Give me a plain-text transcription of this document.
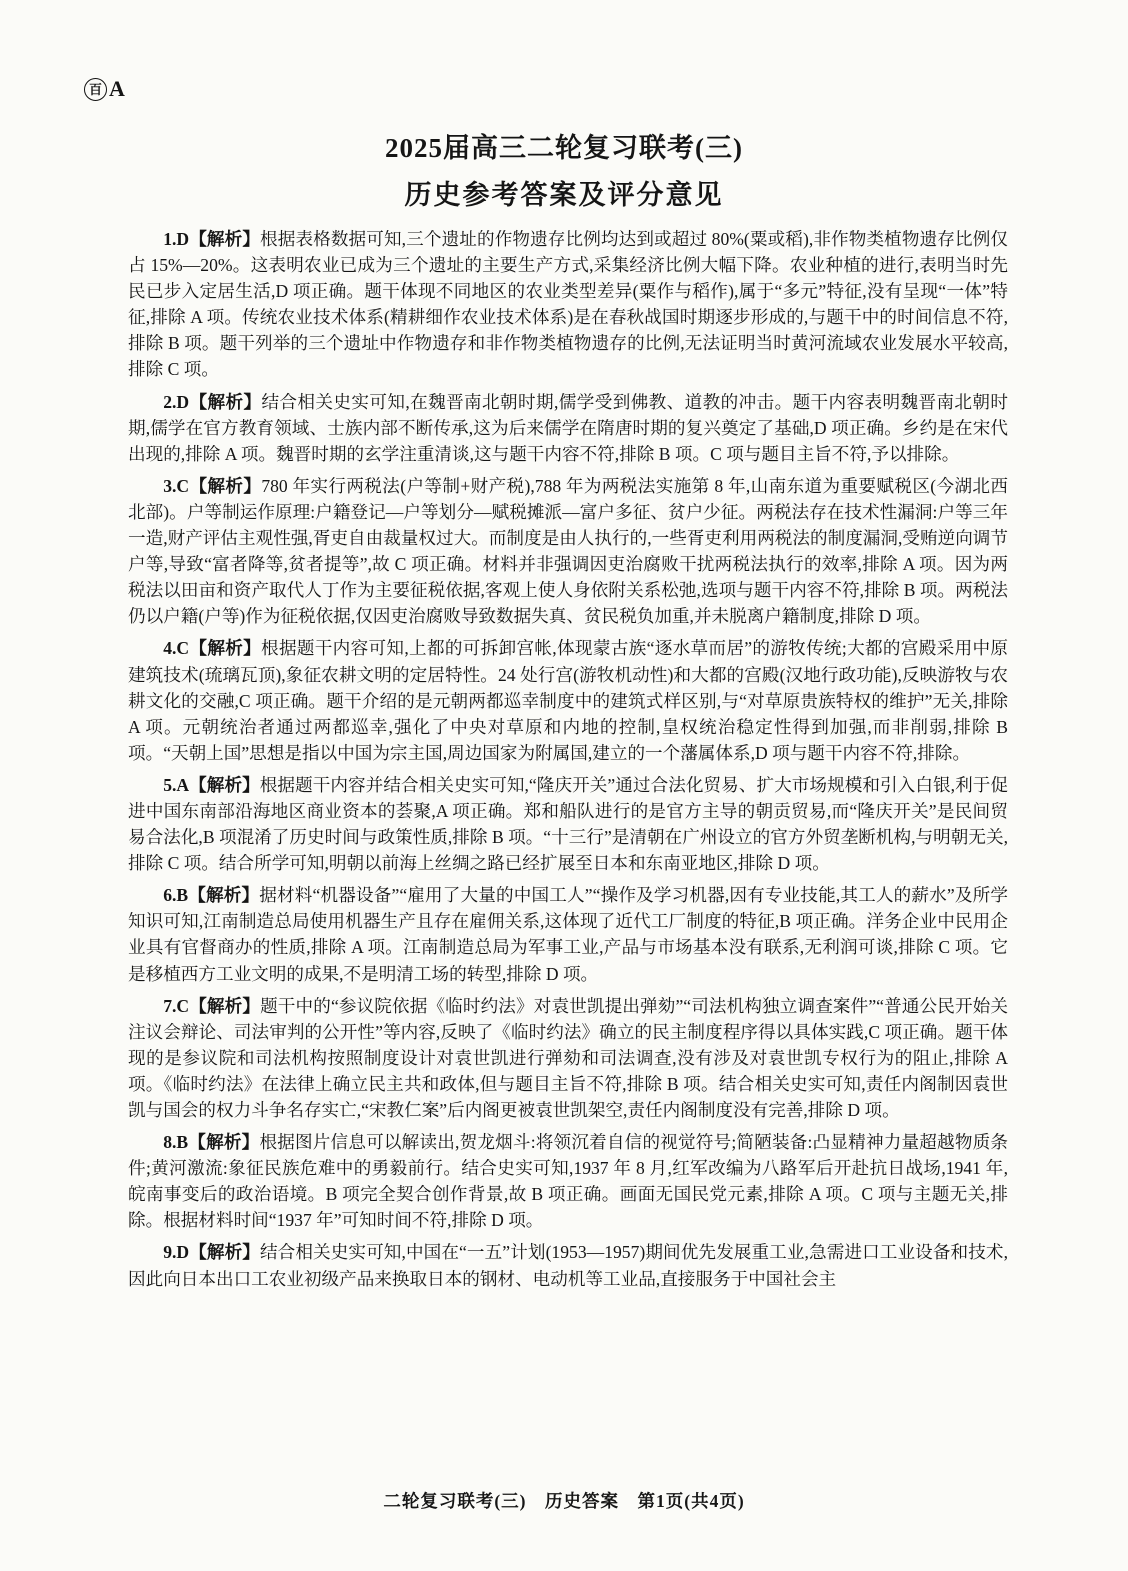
百 A
2025届高三二轮复习联考(三)
历史参考答案及评分意见

1.D【解析】根据表格数据可知,三个遗址的作物遗存比例均达到或超过 80%(粟或稻),非作物类植物遗存比例仅占 15%—20%。这表明农业已成为三个遗址的主要生产方式,采集经济比例大幅下降。农业种植的进行,表明当时先民已步入定居生活,D 项正确。题干体现不同地区的农业类型差异(粟作与稻作),属于“多元”特征,没有呈现“一体”特征,排除 A 项。传统农业技术体系(精耕细作农业技术体系)是在春秋战国时期逐步形成的,与题干中的时间信息不符,排除 B 项。题干列举的三个遗址中作物遗存和非作物类植物遗存的比例,无法证明当时黄河流域农业发展水平较高,排除 C 项。

2.D【解析】结合相关史实可知,在魏晋南北朝时期,儒学受到佛教、道教的冲击。题干内容表明魏晋南北朝时期,儒学在官方教育领域、士族内部不断传承,这为后来儒学在隋唐时期的复兴奠定了基础,D 项正确。乡约是在宋代出现的,排除 A 项。魏晋时期的玄学注重清谈,这与题干内容不符,排除 B 项。C 项与题目主旨不符,予以排除。

3.C【解析】780 年实行两税法(户等制+财产税),788 年为两税法实施第 8 年,山南东道为重要赋税区(今湖北西北部)。户等制运作原理:户籍登记—户等划分—赋税摊派—富户多征、贫户少征。两税法存在技术性漏洞:户等三年一造,财产评估主观性强,胥吏自由裁量权过大。而制度是由人执行的,一些胥吏利用两税法的制度漏洞,受贿逆向调节户等,导致“富者降等,贫者提等”,故 C 项正确。材料并非强调因吏治腐败干扰两税法执行的效率,排除 A 项。因为两税法以田亩和资产取代人丁作为主要征税依据,客观上使人身依附关系松弛,选项与题干内容不符,排除 B 项。两税法仍以户籍(户等)作为征税依据,仅因吏治腐败导致数据失真、贫民税负加重,并未脱离户籍制度,排除 D 项。

4.C【解析】根据题干内容可知,上都的可拆卸宫帐,体现蒙古族“逐水草而居”的游牧传统;大都的宫殿采用中原建筑技术(琉璃瓦顶),象征农耕文明的定居特性。24 处行宫(游牧机动性)和大都的宫殿(汉地行政功能),反映游牧与农耕文化的交融,C 项正确。题干介绍的是元朝两都巡幸制度中的建筑式样区别,与“对草原贵族特权的维护”无关,排除 A 项。元朝统治者通过两都巡幸,强化了中央对草原和内地的控制,皇权统治稳定性得到加强,而非削弱,排除 B 项。“天朝上国”思想是指以中国为宗主国,周边国家为附属国,建立的一个藩属体系,D 项与题干内容不符,排除。

5.A【解析】根据题干内容并结合相关史实可知,“隆庆开关”通过合法化贸易、扩大市场规模和引入白银,利于促进中国东南部沿海地区商业资本的荟聚,A 项正确。郑和船队进行的是官方主导的朝贡贸易,而“隆庆开关”是民间贸易合法化,B 项混淆了历史时间与政策性质,排除 B 项。“十三行”是清朝在广州设立的官方外贸垄断机构,与明朝无关,排除 C 项。结合所学可知,明朝以前海上丝绸之路已经扩展至日本和东南亚地区,排除 D 项。

6.B【解析】据材料“机器设备”“雇用了大量的中国工人”“操作及学习机器,因有专业技能,其工人的薪水”及所学知识可知,江南制造总局使用机器生产且存在雇佣关系,这体现了近代工厂制度的特征,B 项正确。洋务企业中民用企业具有官督商办的性质,排除 A 项。江南制造总局为军事工业,产品与市场基本没有联系,无利润可谈,排除 C 项。它是移植西方工业文明的成果,不是明清工场的转型,排除 D 项。

7.C【解析】题干中的“参议院依据《临时约法》对袁世凯提出弹劾”“司法机构独立调查案件”“普通公民开始关注议会辩论、司法审判的公开性”等内容,反映了《临时约法》确立的民主制度程序得以具体实践,C 项正确。题干体现的是参议院和司法机构按照制度设计对袁世凯进行弹劾和司法调查,没有涉及对袁世凯专权行为的阻止,排除 A 项。《临时约法》在法律上确立民主共和政体,但与题目主旨不符,排除 B 项。结合相关史实可知,责任内阁制因袁世凯与国会的权力斗争名存实亡,“宋教仁案”后内阁更被袁世凯架空,责任内阁制度没有完善,排除 D 项。

8.B【解析】根据图片信息可以解读出,贺龙烟斗:将领沉着自信的视觉符号;简陋装备:凸显精神力量超越物质条件;黄河激流:象征民族危难中的勇毅前行。结合史实可知,1937 年 8 月,红军改编为八路军后开赴抗日战场,1941 年,皖南事变后的政治语境。B 项完全契合创作背景,故 B 项正确。画面无国民党元素,排除 A 项。C 项与主题无关,排除。根据材料时间“1937 年”可知时间不符,排除 D 项。

9.D【解析】结合相关史实可知,中国在“一五”计划(1953—1957)期间优先发展重工业,急需进口工业设备和技术,因此向日本出口工农业初级产品来换取日本的钢材、电动机等工业品,直接服务于中国社会主

二轮复习联考(三)　历史答案　第1页(共4页)
